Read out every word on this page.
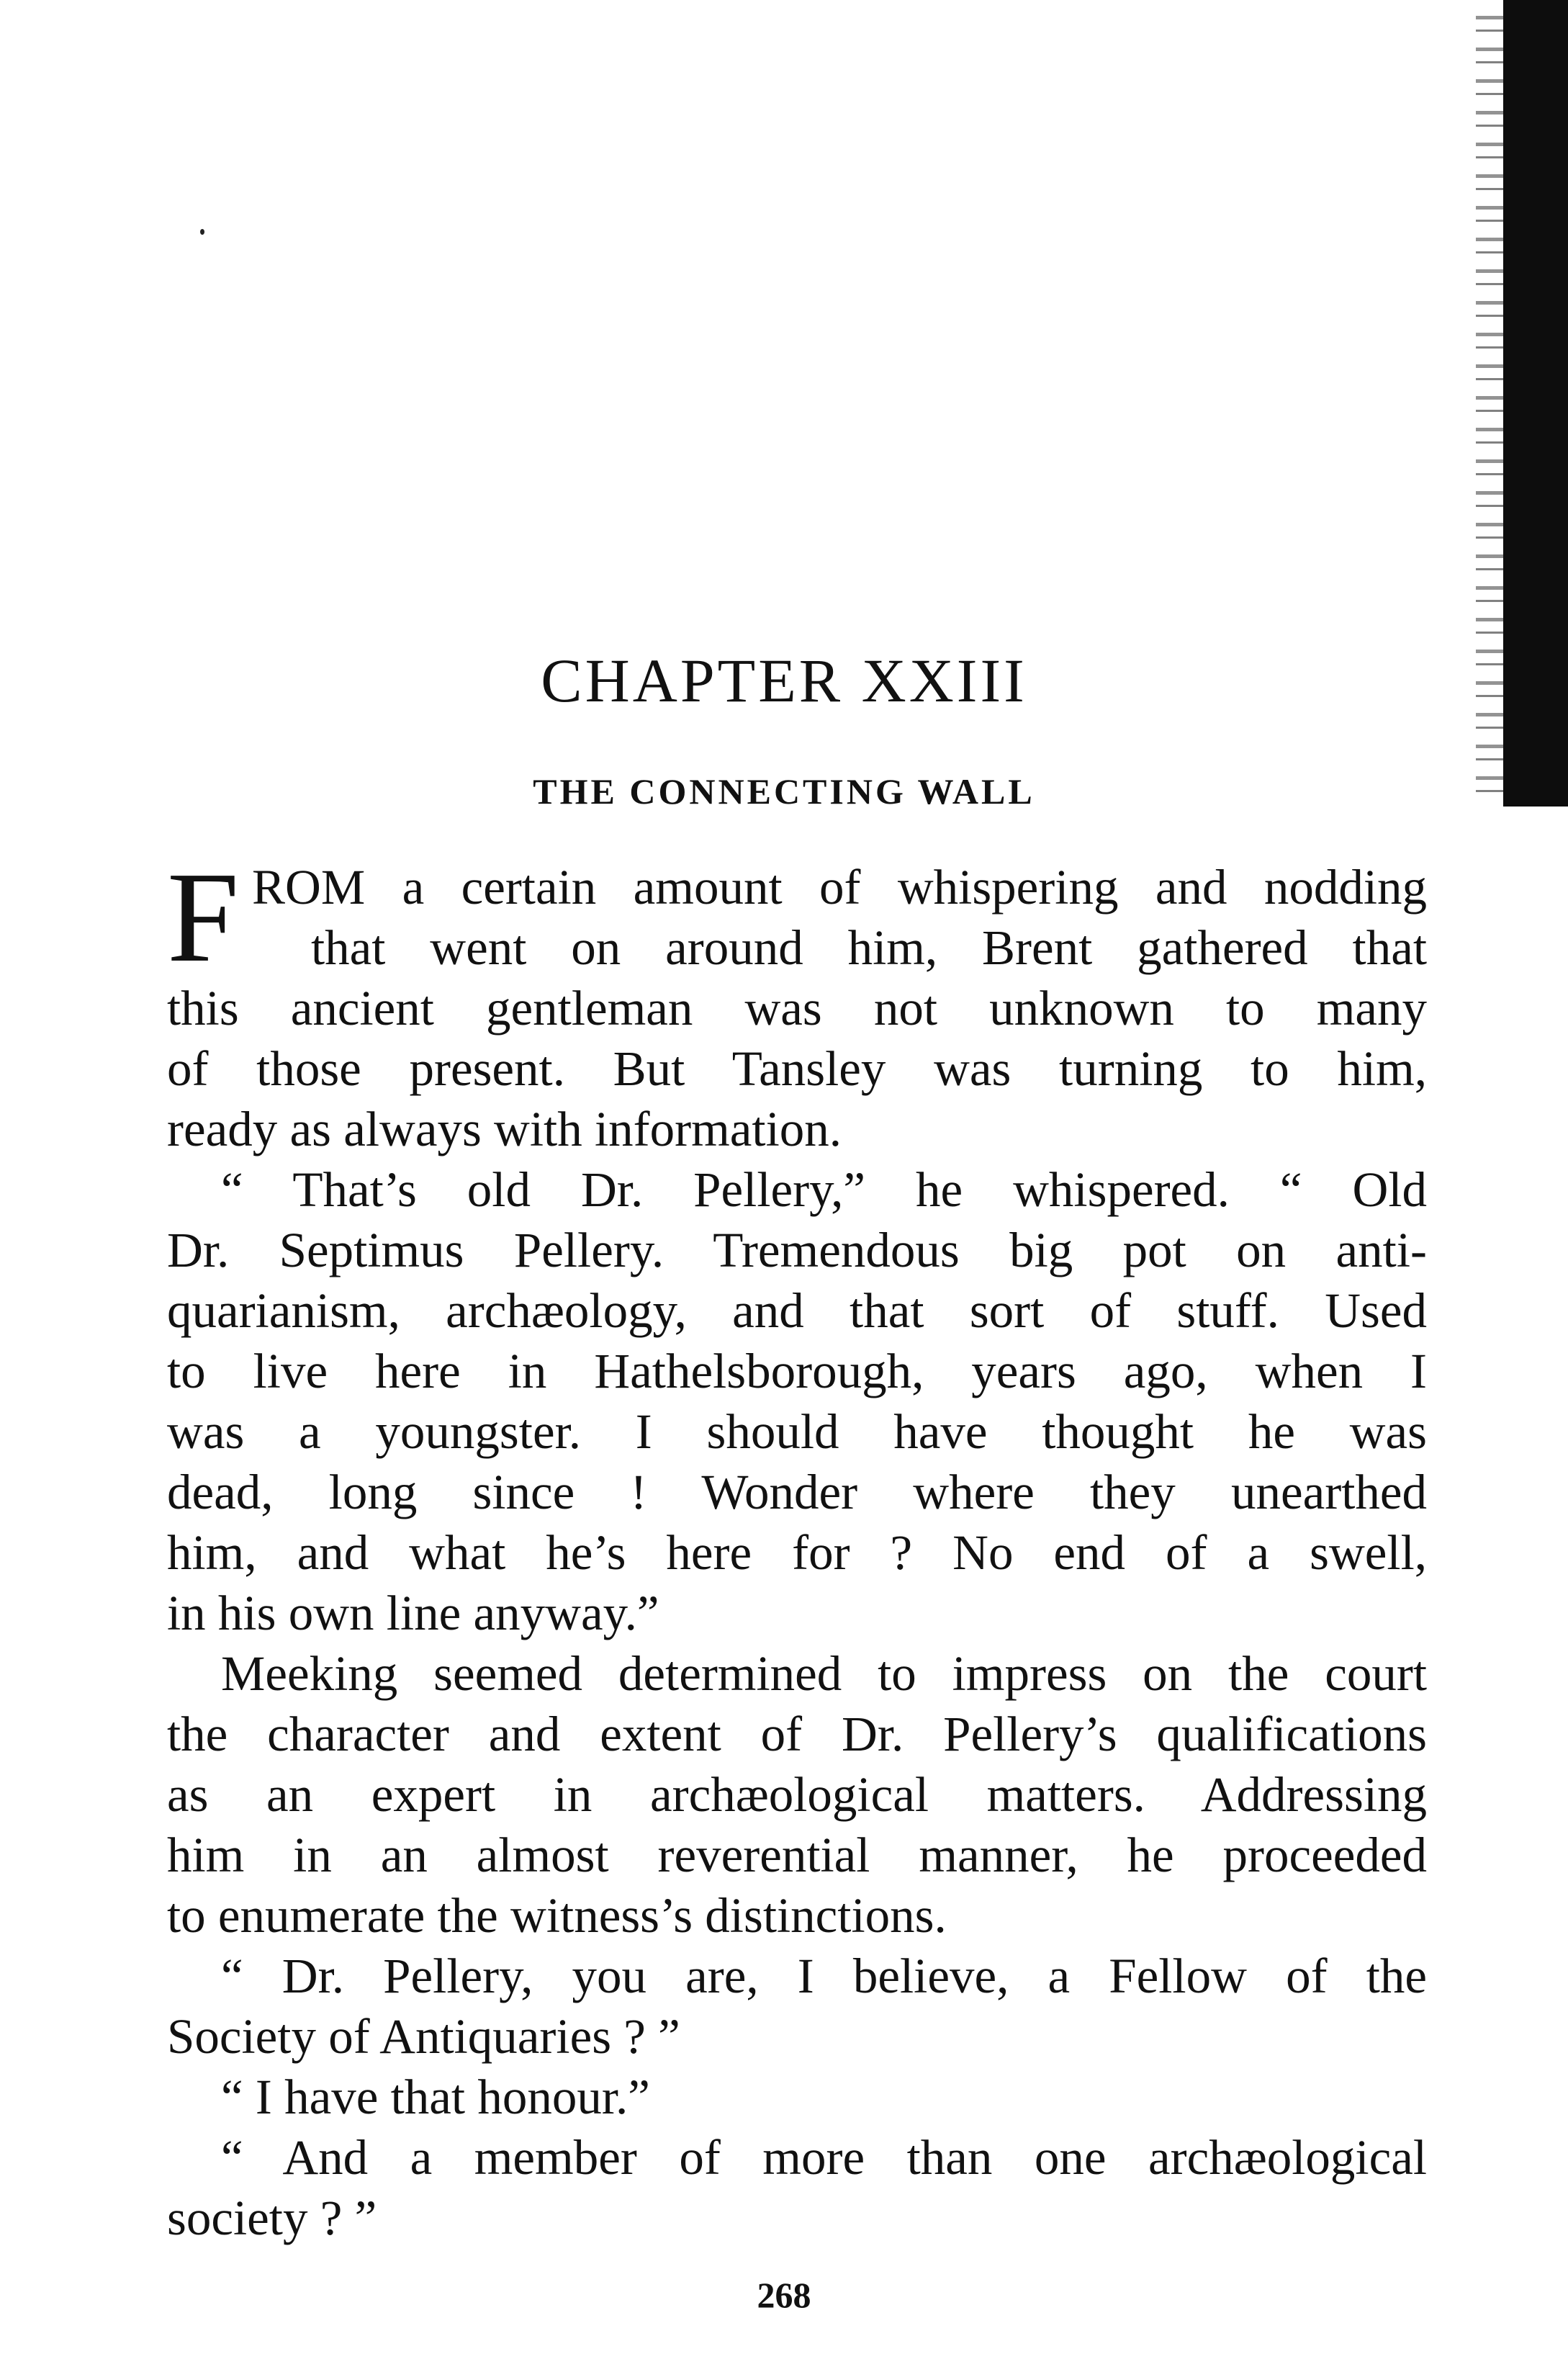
CHAPTER XXIII
THE CONNECTING WALL
F ROM a certain amount of whispering and nodding
that went on around him, Brent gathered that
this ancient gentleman was not unknown to many
of those present. But Tansley was turning to him,
ready as always with information.
“ That’s old Dr. Pellery,” he whispered. “ Old
Dr. Septimus Pellery. Tremendous big pot on anti-
quarianism, archæology, and that sort of stuff. Used
to live here in Hathelsborough, years ago, when I
was a youngster. I should have thought he was
dead, long since ! Wonder where they unearthed
him, and what he’s here for ? No end of a swell,
in his own line anyway.”
Meeking seemed determined to impress on the court
the character and extent of Dr. Pellery’s qualifications
as an expert in archæological matters. Addressing
him in an almost reverential manner, he proceeded
to enumerate the witness’s distinctions.
“ Dr. Pellery, you are, I believe, a Fellow of the
Society of Antiquaries ? ”
“ I have that honour.”
“ And a member of more than one archæological
society ? ”
268
